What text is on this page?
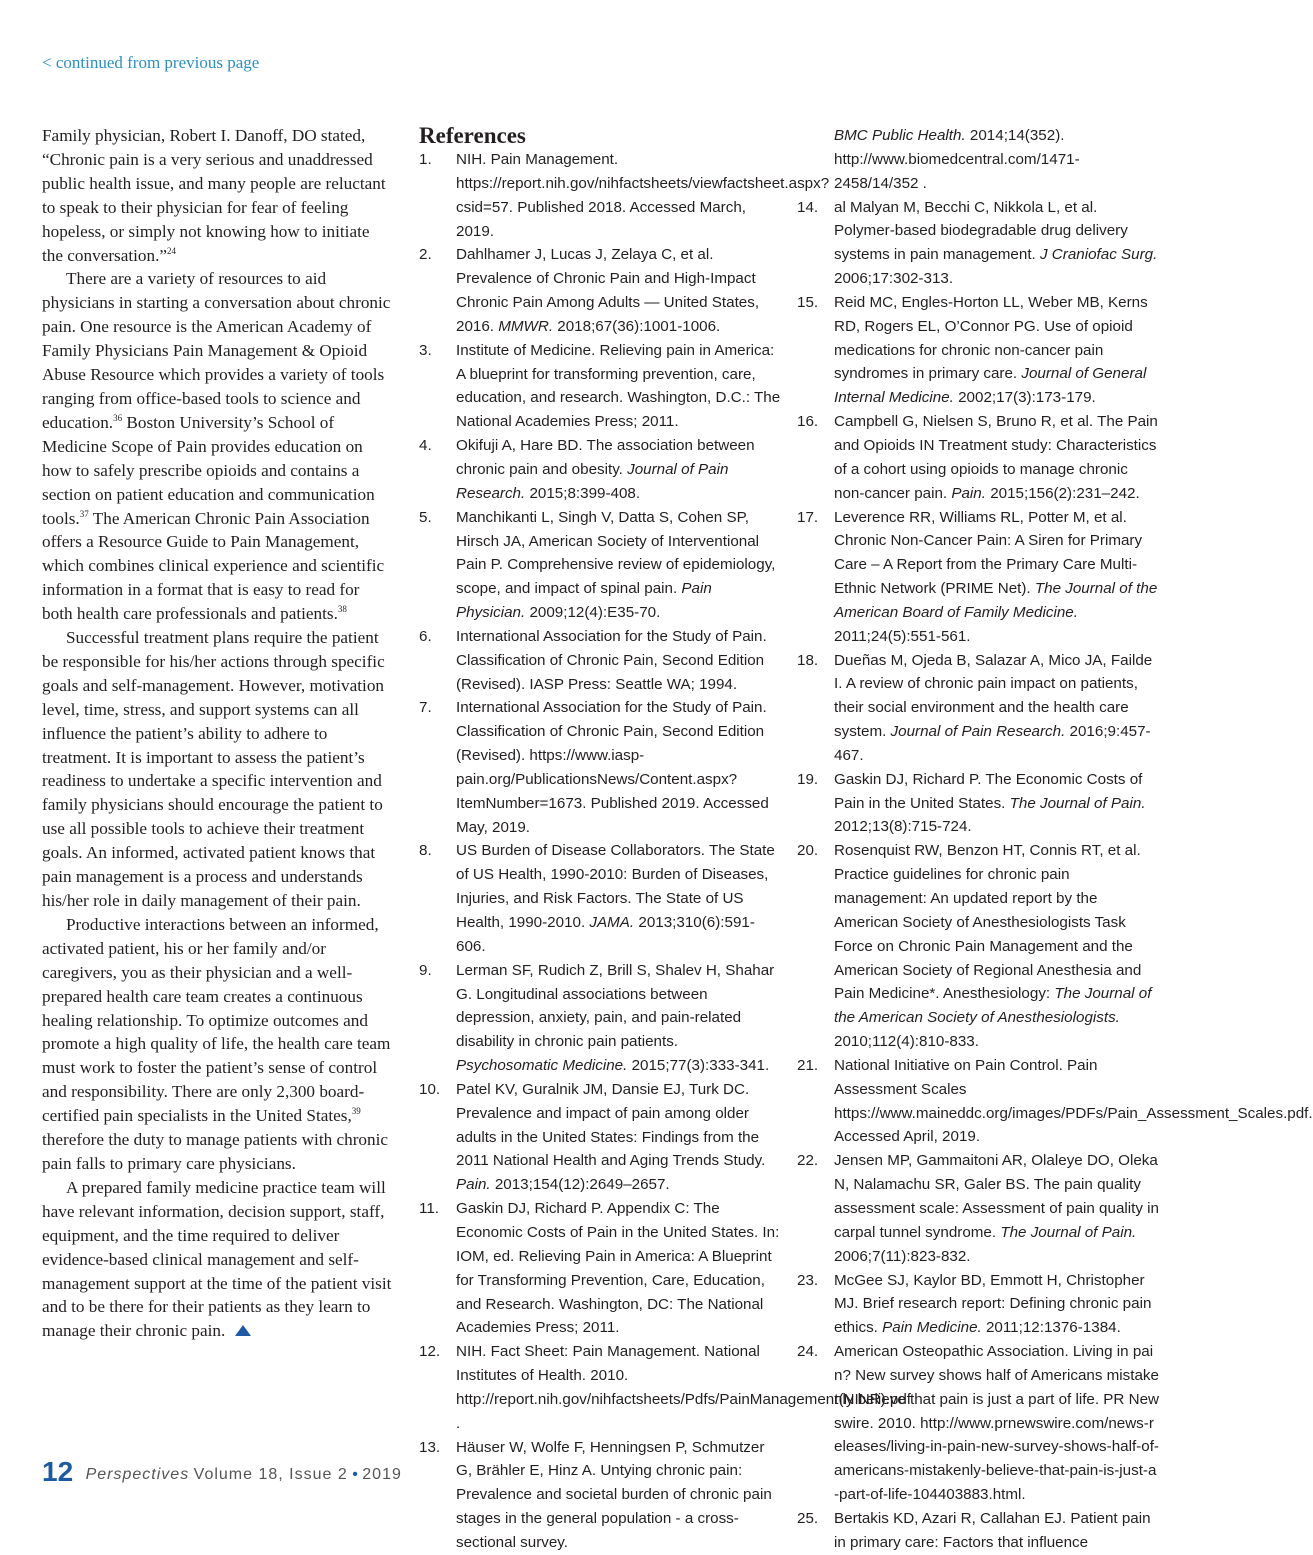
< continued from previous page

Family physician, Robert I. Danoff, DO stated, “Chronic pain is a very serious and unaddressed public health issue, and many people are reluctant to speak to their physician for fear of feeling hopeless, or simply not knowing how to initiate the conversation.”$^{24}$

There are a variety of resources to aid physicians in starting a conversation about chronic pain. One resource is the American Academy of Family Physicians Pain Management & Opioid Abuse Resource which provides a variety of tools ranging from office-based tools to science and education.$^{36}$ Boston University’s School of Medicine Scope of Pain provides education on how to safely prescribe opioids and contains a section on patient education and communication tools.$^{37}$ The American Chronic Pain Association offers a Resource Guide to Pain Management, which combines clinical experience and scientific information in a format that is easy to read for both health care professionals and patients.$^{38}$

Successful treatment plans require the patient be responsible for his/her actions through specific goals and self-management. However, motivation level, time, stress, and support systems can all influence the patient’s ability to adhere to treatment. It is important to assess the patient’s readiness to undertake a specific intervention and family physicians should encourage the patient to use all possible tools to achieve their treatment goals. An informed, activated patient knows that pain management is a process and understands his/her role in daily management of their pain.

Productive interactions between an informed, activated patient, his or her family and/or caregivers, you as their physician and a well-prepared health care team creates a continuous healing relationship. To optimize outcomes and promote a high quality of life, the health care team must work to foster the patient’s sense of control and responsibility. There are only 2,300 board-certified pain specialists in the United States,$^{39}$ therefore the duty to manage patients with chronic pain falls to primary care physicians.

A prepared family medicine practice team will have relevant information, decision support, staff, equipment, and the time required to deliver evidence-based clinical management and self-management support at the time of the patient visit and to be there for their patients as they learn to manage their chronic pain.

References
1.	NIH. Pain Management. https://report.nih.gov/nihfactsheets/viewfactsheet.aspx?csid=57. Published 2018. Accessed March, 2019.
2.	Dahlhamer J, Lucas J, Zelaya C, et al. Prevalence of Chronic Pain and High-Impact Chronic Pain Among Adults — United States, 2016. MMWR. 2018;67(36):1001-1006.
3.	Institute of Medicine. Relieving pain in America: A blueprint for transforming prevention, care, education, and research. Washington, D.C.: The National Academies Press; 2011.
4.	Okifuji A, Hare BD. The association between chronic pain and obesity. Journal of Pain Research. 2015;8:399-408.
5.	Manchikanti L, Singh V, Datta S, Cohen SP, Hirsch JA, American Society of Interventional Pain P. Comprehensive review of epidemiology, scope, and impact of spinal pain. Pain Physician. 2009;12(4):E35-70.
6.	International Association for the Study of Pain. Classification of Chronic Pain, Second Edition (Revised). IASP Press: Seattle WA; 1994.
7.	International Association for the Study of Pain. Classification of Chronic Pain, Second Edition (Revised). https://www.iasp-pain.org/PublicationsNews/Content.aspx?ItemNumber=1673. Published 2019. Accessed May, 2019.
8.	US Burden of Disease Collaborators. The State of US Health, 1990-2010: Burden of Diseases, Injuries, and Risk Factors. The State of US Health, 1990-2010. JAMA. 2013;310(6):591-606.
9.	Lerman SF, Rudich Z, Brill S, Shalev H, Shahar G. Longitudinal associations between depression, anxiety, pain, and pain-related disability in chronic pain patients. Psychosomatic Medicine. 2015;77(3):333-341.
10.	Patel KV, Guralnik JM, Dansie EJ, Turk DC. Prevalence and impact of pain among older adults in the United States: Findings from the 2011 National Health and Aging Trends Study. Pain. 2013;154(12):2649–2657.
11.	Gaskin DJ, Richard P. Appendix C: The Economic Costs of Pain in the United States. In: IOM, ed. Relieving Pain in America: A Blueprint for Transforming Prevention, Care, Education, and Research. Washington, DC: The National Academies Press; 2011.
12.	NIH. Fact Sheet: Pain Management. National Institutes of Health. 2010. http://report.nih.gov/nihfactsheets/Pdfs/PainManagement(NINR).pdf .
13.	Häuser W, Wolfe F, Henningsen P, Schmutzer G, Brähler E, Hinz A. Untying chronic pain: Prevalence and societal burden of chronic pain stages in the general population - a cross-sectional survey.
BMC Public Health. 2014;14(352). http://www.biomedcentral.com/1471-2458/14/352 .
14.	al Malyan M, Becchi C, Nikkola L, et al. Polymer-based biodegradable drug delivery systems in pain management. J Craniofac Surg. 2006;17:302-313.
15.	Reid MC, Engles-Horton LL, Weber MB, Kerns RD, Rogers EL, O’Connor PG. Use of opioid medications for chronic non-cancer pain syndromes in primary care. Journal of General Internal Medicine. 2002;17(3):173-179.
16.	Campbell G, Nielsen S, Bruno R, et al. The Pain and Opioids IN Treatment study: Characteristics of a cohort using opioids to manage chronic non-cancer pain. Pain. 2015;156(2):231–242.
17.	Leverence RR, Williams RL, Potter M, et al. Chronic Non-Cancer Pain: A Siren for Primary Care – A Report from the Primary Care Multi-Ethnic Network (PRIME Net). The Journal of the American Board of Family Medicine. 2011;24(5):551-561.
18.	Dueñas M, Ojeda B, Salazar A, Mico JA, Failde I. A review of chronic pain impact on patients, their social environment and the health care system. Journal of Pain Research. 2016;9:457-467.
19.	Gaskin DJ, Richard P. The Economic Costs of Pain in the United States. The Journal of Pain. 2012;13(8):715-724.
20.	Rosenquist RW, Benzon HT, Connis RT, et al. Practice guidelines for chronic pain management: An updated report by the American Society of Anesthesiologists Task Force on Chronic Pain Management and the American Society of Regional Anesthesia and Pain Medicine*. Anesthesiology: The Journal of the American Society of Anesthesiologists. 2010;112(4):810-833.
21.	National Initiative on Pain Control. Pain Assessment Scales https://www.maineddc.org/images/PDFs/Pain_Assessment_Scales.pdf. Accessed April, 2019.
22.	Jensen MP, Gammaitoni AR, Olaleye DO, Oleka N, Nalamachu SR, Galer BS. The pain quality assessment scale: Assessment of pain quality in carpal tunnel syndrome. The Journal of Pain. 2006;7(11):823-832.
23.	McGee SJ, Kaylor BD, Emmott H, Christopher MJ. Brief research report: Defining chronic pain ethics. Pain Medicine. 2011;12:1376-1384.
24.	American Osteopathic Association. Living in pain? New survey shows half of Americans mistakenly believe that pain is just a part of life. PR Newswire. 2010. http://www.prnewswire.com/news-releases/living-in-pain-new-survey-shows-half-of-americans-mistakenly-believe-that-pain-is-just-a-part-of-life-104403883.html.
25.	Bertakis KD, Azari R, Callahan EJ. Patient pain in primary care: Factors that influence
12 Perspectives Volume 18, Issue 2 • 2019
